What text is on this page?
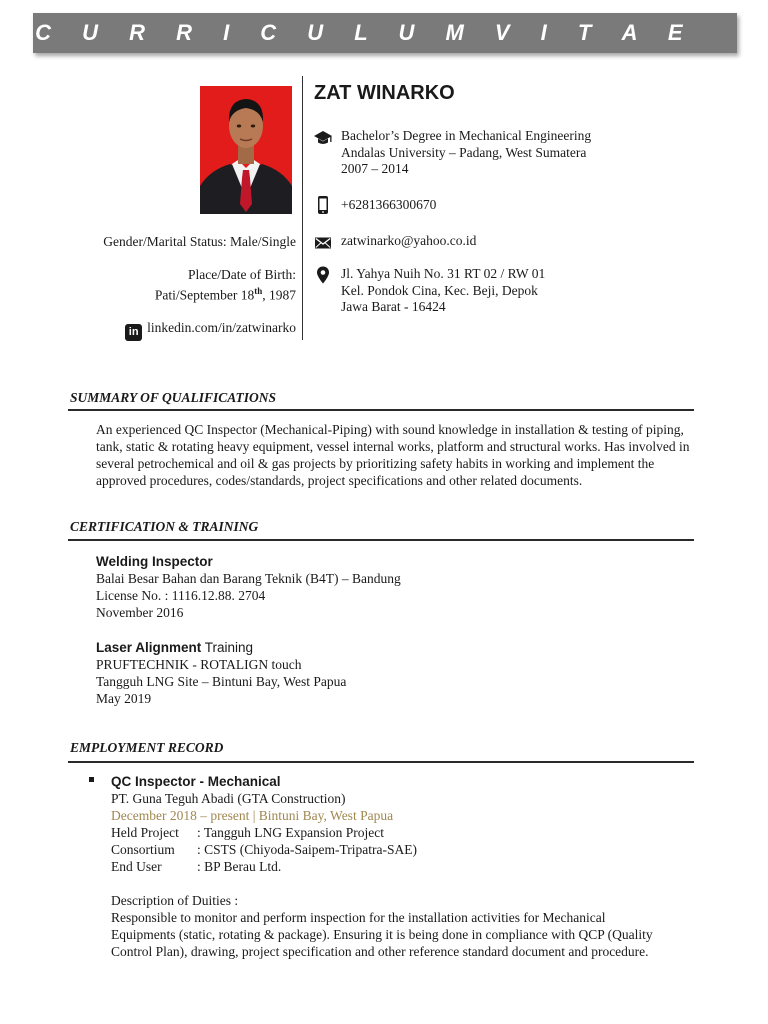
C U R R I C U L U M V I T A E
Gender/Marital Status: Male/Single
Place/Date of Birth:
Pati/September 18th, 1987
in linkedin.com/in/zatwinarko
ZAT WINARKO
Bachelor’s Degree in Mechanical Engineering
Andalas University – Padang, West Sumatera
2007 – 2014
+6281366300670
zatwinarko@yahoo.co.id
Jl. Yahya Nuih No. 31 RT 02 / RW 01
Kel. Pondok Cina, Kec. Beji, Depok
Jawa Barat - 16424
SUMMARY OF QUALIFICATIONS
An experienced QC Inspector (Mechanical-Piping) with sound knowledge in installation & testing of piping, tank, static & rotating heavy equipment, vessel internal works, platform and structural works. Has involved in several petrochemical and oil & gas projects by prioritizing safety habits in working and implement the approved procedures, codes/standards, project specifications and other related documents.
CERTIFICATION & TRAINING
Welding Inspector
Balai Besar Bahan dan Barang Teknik (B4T) – Bandung
License No. : 1116.12.88. 2704
November 2016
Laser Alignment Training
PRUFTECHNIK - ROTALIGN touch
Tangguh LNG Site – Bintuni Bay, West Papua
May 2019
EMPLOYMENT RECORD
QC Inspector - Mechanical
PT. Guna Teguh Abadi (GTA Construction)
December 2018 – present | Bintuni Bay, West Papua
Held Project : Tangguh LNG Expansion Project
Consortium : CSTS (Chiyoda-Saipem-Tripatra-SAE)
End User	: BP Berau Ltd.
Description of Duities :
Responsible to monitor and perform inspection for the installation activities for Mechanical
Equipments (static, rotating & package). Ensuring it is being done in compliance with QCP (Quality
Control Plan), drawing, project specification and other reference standard document and procedure.
